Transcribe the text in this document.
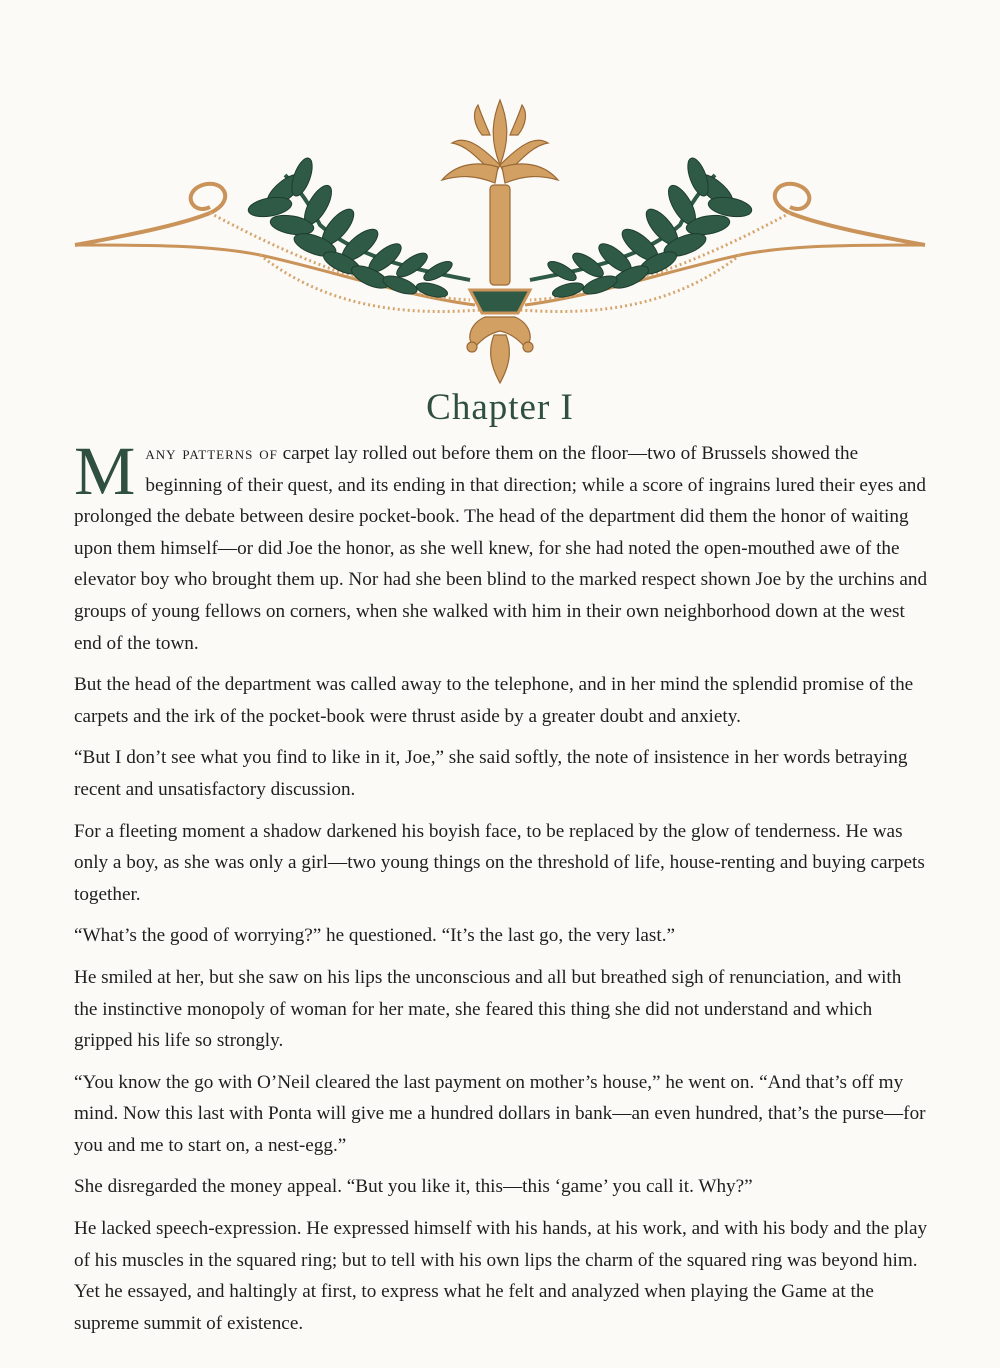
Chapter I

Many patterns of carpet lay rolled out before them on the floor—two of Brussels showed the beginning of their quest, and its ending in that direction; while a score of ingrains lured their eyes and prolonged the debate between desire pocket-book. The head of the department did them the honor of waiting upon them himself—or did Joe the honor, as she well knew, for she had noted the open-mouthed awe of the elevator boy who brought them up. Nor had she been blind to the marked respect shown Joe by the urchins and groups of young fellows on corners, when she walked with him in their own neighborhood down at the west end of the town.

But the head of the department was called away to the telephone, and in her mind the splendid promise of the carpets and the irk of the pocket-book were thrust aside by a greater doubt and anxiety.

“But I don’t see what you find to like in it, Joe,” she said softly, the note of insistence in her words betraying recent and unsatisfactory discussion.

For a fleeting moment a shadow darkened his boyish face, to be replaced by the glow of tenderness. He was only a boy, as she was only a girl—two young things on the threshold of life, house-renting and buying carpets together.

“What’s the good of worrying?” he questioned. “It’s the last go, the very last.”

He smiled at her, but she saw on his lips the unconscious and all but breathed sigh of renunciation, and with the instinctive monopoly of woman for her mate, she feared this thing she did not understand and which gripped his life so strongly.

“You know the go with O’Neil cleared the last payment on mother’s house,” he went on. “And that’s off my mind. Now this last with Ponta will give me a hundred dollars in bank—an even hundred, that’s the purse—for you and me to start on, a nest-egg.”

She disregarded the money appeal. “But you like it, this—this ‘game’ you call it. Why?”

He lacked speech-expression. He expressed himself with his hands, at his work, and with his body and the play of his muscles in the squared ring; but to tell with his own lips the charm of the squared ring was beyond him. Yet he essayed, and haltingly at first, to express what he felt and analyzed when playing the Game at the supreme summit of existence.
